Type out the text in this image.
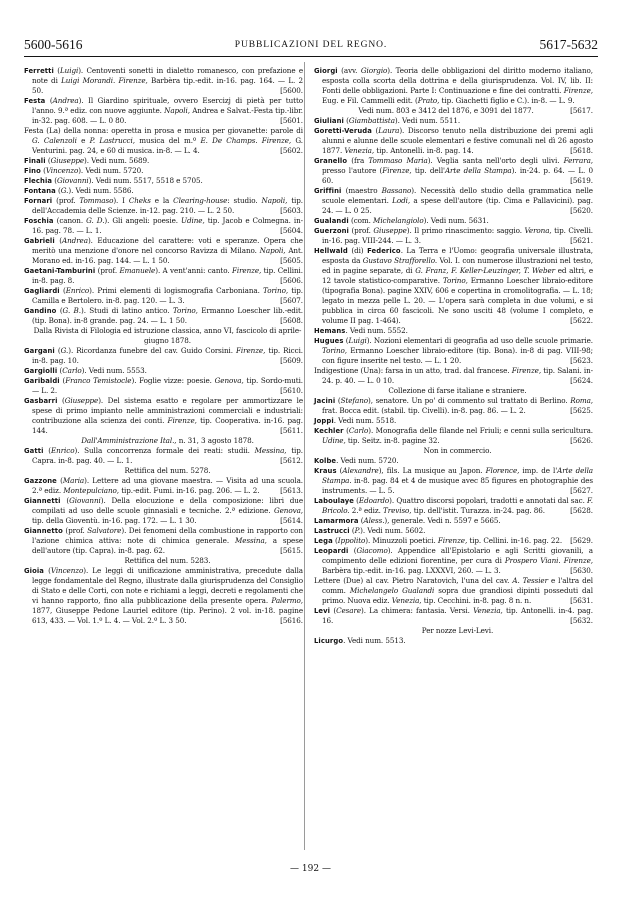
5600-5616	PUBBLICAZIONI DEL REGNO.	5617-5632

Ferretti (Luigi). Centoventi sonetti in dialetto romanesco, con prefazione e note di Luigi Morandi. Firenze, Barbèra tip.-edit. in-16. pag. 164. — L. 2 50.	[5600.

Festa (Andrea). Il Giardino spirituale, ovvero Esercizj di pietà per tutto l'anno. 9.ª ediz. con nuove aggiunte. Napoli, Andrea e Salvat.-Festa tip.-libr. in-32. pag. 608. — L. 0 80.	[5601.

Festa (La) della nonna: operetta in prosa e musica per giovanette: parole di G. Calenzoli e P. Lastrucci, musica del m.º E. De Champs. Firenze, G. Venturini. pag. 24, e 60 di musica. in-8. — L. 4.	[5602.

Finali (Giuseppe). Vedi num. 5689.

Fino (Vincenzo). Vedi num. 5720.

Flechia (Giovanni). Vedi num. 5517, 5518 e 5705.

Fontana (G.). Vedi num. 5586.

Fornari (prof. Tommaso). I Cheks e la Clearing-house: studio. Napoli, tip. dell'Accademia delle Scienze. in-12. pag. 210. — L. 2 50.	[5603.

Foschia (canon. G. D.). Gli angeli: poesie. Udine, tip. Jacob e Colmegna. in-16. pag. 78. — L. 1.	[5604.

Gabrieli (Andrea). Educazione del carattere: voti e speranze. Opera che meritò una menzione d'onore nel concorso Ravizza di Milano. Napoli, Ant. Morano ed. in-16. pag. 144. — L. 1 50.	[5605.

Gaetani-Tamburini (prof. Emanuele). A vent'anni: canto. Firenze, tip. Cellini. in-8. pag. 8.	[5606.

Gagliardi (Enrico). Primi elementi di logismografia Carboniana. Torino, tip. Camilla e Bertolero. in-8. pag. 120. — L. 3.	[5607.

Gandino (G. B.). Studi di latino antico. Torino, Ermanno Loescher lib.-edit. (tip. Bona). in-8 grande. pag. 24. — L. 1 50.	[5608.
Dalla Rivista di Filologia ed istruzione classica, anno VI, fascicolo di aprile-giugno 1878.

Gargani (G.). Ricordanza funebre del cav. Guido Corsini. Firenze, tip. Ricci. in-8. pag. 10.	[5609.

Gargiolli (Carlo). Vedi num. 5553.

Garibaldi (Franco Temistocle). Foglie vizze: poesie. Genova, tip. Sordo-muti. — L. 2.	[5610.

Gasbarri (Giuseppe). Del sistema esatto e regolare per ammortizzare le spese di primo impianto nelle amministrazioni commerciali e industriali: contribuzione alla scienza dei conti. Firenze, tip. Cooperativa. in-16. pag. 144.	[5611.
Dall'Amministrazione Ital., n. 31, 3 agosto 1878.

Gatti (Enrico). Sulla concorrenza formale dei reati: studii. Messina, tip. Capra. in-8. pag. 40. — L. 1.	[5612.
Rettifica del num. 5278.

Gazzone (Maria). Lettere ad una giovane maestra. — Visita ad una scuola. 2.ª ediz. Montepulciano, tip.-edit. Fumi. in-16. pag. 206. — L. 2.	[5613.

Giannetti (Giovanni). Della elocuzione e della composizione: libri due compilati ad uso delle scuole ginnasiali e tecniche. 2.ª edizione. Genova, tip. della Gioventù. in-16. pag. 172. — L. 1 30.	[5614.

Giannetto (prof. Salvatore). Dei fenomeni della combustione in rapporto con l'azione chimica attiva: note di chimica generale. Messina, a spese dell'autore (tip. Capra). in-8. pag. 62.	[5615.
Rettifica del num. 5283.

Gioia (Vincenzo). Le leggi di unificazione amministrativa, precedute dalla legge fondamentale del Regno, illustrate dalla giurisprudenza del Consiglio di Stato e delle Corti, con note e richiami a leggi, decreti e regolamenti che vi hanno rapporto, fino alla pubblicazione della presente opera. Palermo, 1877, Giuseppe Pedone Lauriel editore (tip. Perino). 2 vol. in-18. pagine 613, 433. — Vol. 1.º L. 4. — Vol. 2.º L. 3 50.	[5616.

Giorgi (avv. Giorgio). Teoria delle obbligazioni del diritto moderno italiano, esposta colla scorta della dottrina e della giurisprudenza. Vol. IV, lib. II: Fonti delle obbligazioni. Parte I: Continuazione e fine dei contratti. Firenze, Eug. e Fil. Cammelli edit. (Prato, tip. Giachetti figlio e C.). in-8. — L. 9.
[5617.
Vedi num. 803 e 3412 del 1876, e 3091 del 1877.

Giuliani (Giambattista). Vedi num. 5511.

Goretti-Veruda (Laura). Discorso tenuto nella distribuzione dei premi agli alunni e alunne delle scuole elementari e festive comunali nel dì 26 agosto 1877. Venezia, tip. Antonelli. in-8. pag. 14.	[5618.

Granello (fra Tommaso Maria). Veglia santa nell'orto degli ulivi. Ferrara, presso l'autore (Firenze, tip. dell'Arte della Stampa). in-24. p. 64. — L. 0 60.	[5619.

Griffini (maestro Bassano). Necessità dello studio della grammatica nelle scuole elementari. Lodi, a spese dell'autore (tip. Cima e Pallavicini). pag. 24. — L. 0 25.	[5620.

Gualandi (com. Michelangiolo). Vedi num. 5631.

Guerzoni (prof. Giuseppe). Il primo rinascimento: saggio. Verona, tip. Civelli. in-16. pag. VIII-244. — L. 3.	[5621.

Hellwald (di) Federico. La Terra e l'Uomo: geografia universale illustrata, esposta da Gustavo Strafforello. Vol. I. con numerose illustrazioni nel testo, ed in pagine separate, di G. Franz, F. Keller-Leuzinger, T. Weber ed altri, e 12 tavole statistico-comparative. Torino, Ermanno Loescher libraio-editore (tipografia Bona). pagine XXIV, 606 e copertina in cromolitografia. — L. 18; legato in mezza pelle L. 20. — L'opera sarà completa in due volumi, e si pubblica in circa 60 fascicoli. Ne sono usciti 48 (volume I completo, e volume II pag. 1-464).	[5622.

Hemans. Vedi num. 5552.

Hugues (Luigi). Nozioni elementari di geografia ad uso delle scuole primarie. Torino, Ermanno Loescher libraio-editore (tip. Bona). in-8 di pag. VIII-98; con figure inserite nel testo. — L. 1 20.	[5623.

Indigestione (Una): farsa in un atto, trad. dal francese. Firenze, tip. Salani. in-24. p. 40. — L. 0 10.	[5624.
Collezione di farse italiane e straniere.

Jacini (Stefano), senatore. Un po' di commento sul trattato di Berlino. Roma, frat. Bocca edit. (stabil. tip. Civelli). in-8. pag. 86. — L. 2.	[5625.

Joppi. Vedi num. 5518.

Kechler (Carlo). Monografia delle filande nel Friuli; e cenni sulla sericultura. Udine, tip. Seitz. in-8. pagine 32.	[5626.
Non in commercio.

Kolbe. Vedi num. 5720.

Kraus (Alexandre), fils. La musique au Japon. Florence, imp. de l'Arte della Stampa. in-8. pag. 84 et 4 de musique avec 85 figures en photographie des instruments. — L. 5.	[5627.

Laboulaye (Edoardo). Quattro discorsi popolari, tradotti e annotati dal sac. F. Bricolo. 2.ª ediz. Treviso, tip. dell'istit. Turazza. in-24. pag. 86.	[5628.

Lamarmora (Aless.), generale. Vedi n. 5597 e 5665.

Lastrucci (P.). Vedi num. 5602.

Lega (Ippolito). Minuzzoli poetici. Firenze, tip. Cellini. in-16. pag. 22. [5629.

Leopardi (Giacomo). Appendice all'Epistolario e agli Scritti giovanili, a compimento delle edizioni fiorentine, per cura di Prospero Viani. Firenze, Barbèra tip.-edit. in-16. pag. LXXXVI, 260. — L. 3.	[5630.

Lettere (Due) al cav. Pietro Naratovich, l'una del cav. A. Tessier e l'altra del comm. Michelangelo Gualandi sopra due grandiosi dipinti posseduti dal primo. Nuova ediz. Venezia, tip. Cecchini. in-8. pag. 8 n. n.	[5631.

Levi (Cesare). La chimera: fantasia. Versi. Venezia, tip. Antonelli. in-4. pag. 16.	[5632.
Per nozze Levi-Levi.

Licurgo. Vedi num. 5513.

— 192 —
